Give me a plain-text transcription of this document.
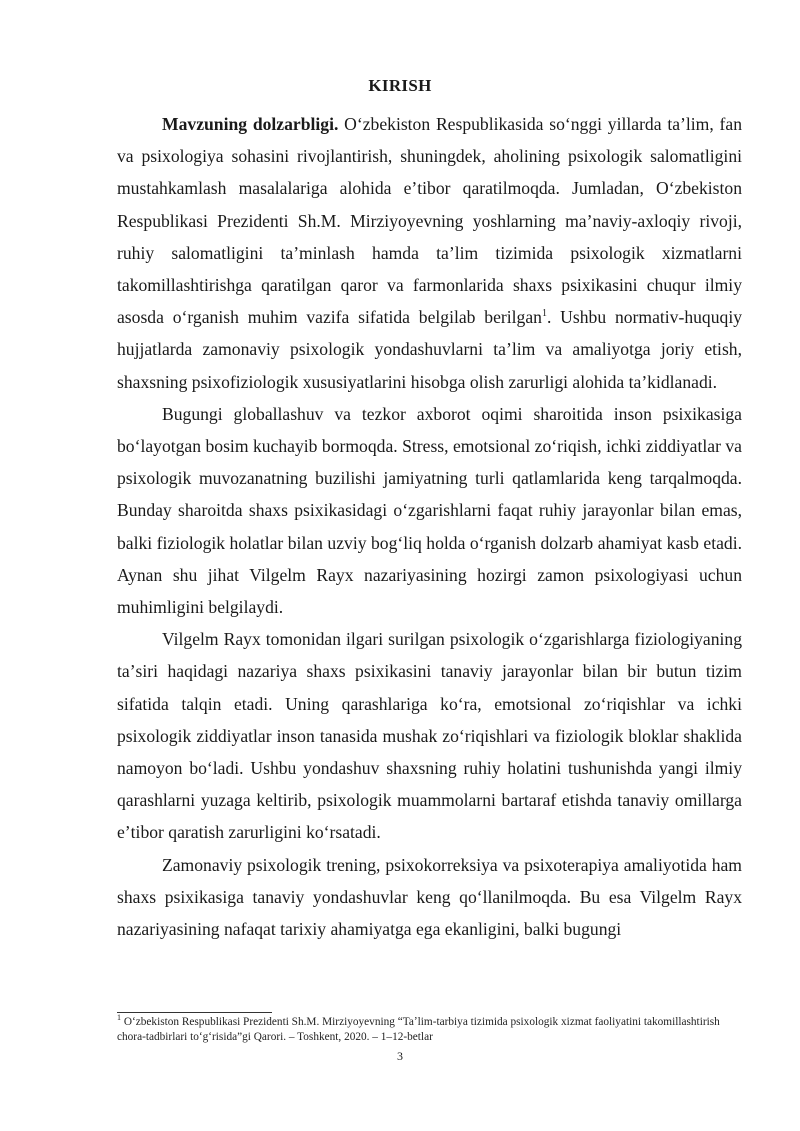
KIRISH

Mavzuning dolzarbligi. Oʻzbekiston Respublikasida soʻnggi yillarda taʼlim, fan va psixologiya sohasini rivojlantirish, shuningdek, aholining psixologik salomatligini mustahkamlash masalalariga alohida eʼtibor qaratilmoqda. Jumladan, Oʻzbekiston Respublikasi Prezidenti Sh.M. Mirziyoyevning yoshlarning maʼnaviy-axloqiy rivoji, ruhiy salomatligini taʼminlash hamda taʼlim tizimida psixologik xizmatlarni takomillashtirishga qaratilgan qaror va farmonlarida shaxs psixikasini chuqur ilmiy asosda oʻrganish muhim vazifa sifatida belgilab berilgan$^1$. Ushbu normativ-huquqiy hujjatlarda zamonaviy psixologik yondashuvlarni taʼlim va amaliyotga joriy etish, shaxsning psixofiziologik xususiyatlarini hisobga olish zarurligi alohida taʼkidlanadi.

Bugungi globallashuv va tezkor axborot oqimi sharoitida inson psixikasiga boʻlayotgan bosim kuchayib bormoqda. Stress, emotsional zoʻriqish, ichki ziddiyatlar va psixologik muvozanatning buzilishi jamiyatning turli qatlamlarida keng tarqalmoqda. Bunday sharoitda shaxs psixikasidagi oʻzgarishlarni faqat ruhiy jarayonlar bilan emas, balki fiziologik holatlar bilan uzviy bogʻliq holda oʻrganish dolzarb ahamiyat kasb etadi. Aynan shu jihat Vilgelm Rayx nazariyasining hozirgi zamon psixologiyasi uchun muhimligini belgilaydi.

Vilgelm Rayx tomonidan ilgari surilgan psixologik oʻzgarishlarga fiziologiyaning taʼsiri haqidagi nazariya shaxs psixikasini tanaviy jarayonlar bilan bir butun tizim sifatida talqin etadi. Uning qarashlariga koʻra, emotsional zoʻriqishlar va ichki psixologik ziddiyatlar inson tanasida mushak zoʻriqishlari va fiziologik bloklar shaklida namoyon boʻladi. Ushbu yondashuv shaxsning ruhiy holatini tushunishda yangi ilmiy qarashlarni yuzaga keltirib, psixologik muammolarni bartaraf etishda tanaviy omillarga eʼtibor qaratish zarurligini koʻrsatadi.

Zamonaviy psixologik trening, psixokorreksiya va psixoterapiya amaliyotida ham shaxs psixikasiga tanaviy yondashuvlar keng qoʻllanilmoqda. Bu esa Vilgelm Rayx nazariyasining nafaqat tarixiy ahamiyatga ega ekanligini, balki bugungi

$^1$ Oʻzbekiston Respublikasi Prezidenti Sh.M. Mirziyoyevning “Taʼlim-tarbiya tizimida psixologik xizmat faoliyatini takomillashtirish chora-tadbirlari toʻgʻrisida”gi Qarori. – Toshkent, 2020. – 1–12-betlar
3
